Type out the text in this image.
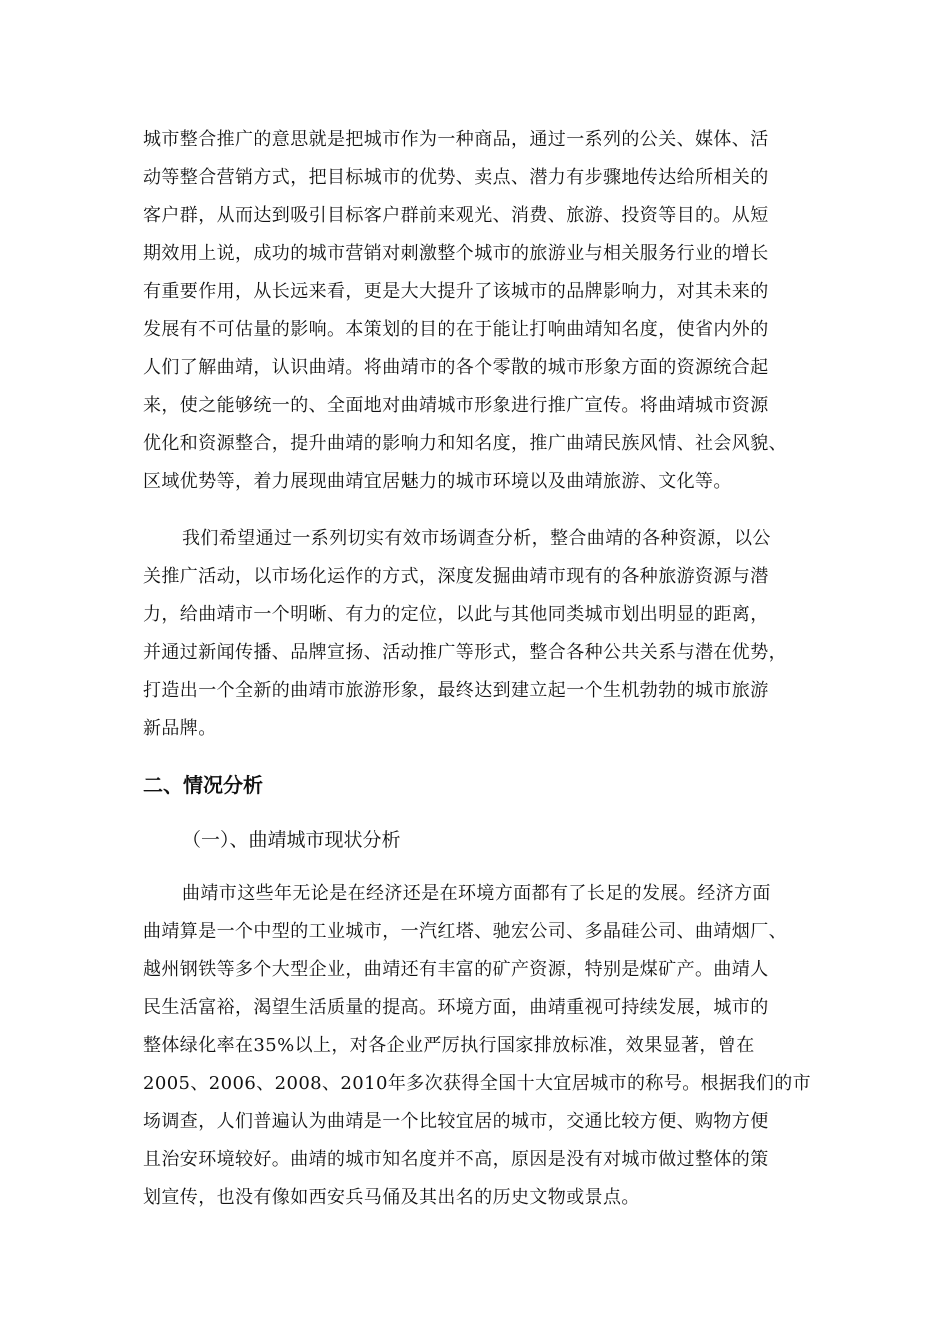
城市整合推广的意思就是把城市作为一种商品，通过一系列的公关、媒体、活
动等整合营销方式，把目标城市的优势、卖点、潜力有步骤地传达给所相关的
客户群，从而达到吸引目标客户群前来观光、消费、旅游、投资等目的。从短
期效用上说，成功的城市营销对刺激整个城市的旅游业与相关服务行业的增长
有重要作用，从长远来看，更是大大提升了该城市的品牌影响力，对其未来的
发展有不可估量的影响。本策划的目的在于能让打响曲靖知名度，使省内外的
人们了解曲靖，认识曲靖。将曲靖市的各个零散的城市形象方面的资源统合起
来，使之能够统一的、全面地对曲靖城市形象进行推广宣传。将曲靖城市资源
优化和资源整合，提升曲靖的影响力和知名度，推广曲靖民族风情、社会风貌、
区域优势等，着力展现曲靖宜居魅力的城市环境以及曲靖旅游、文化等。
我们希望通过一系列切实有效市场调查分析，整合曲靖的各种资源，以公
关推广活动，以市场化运作的方式，深度发掘曲靖市现有的各种旅游资源与潜
力，给曲靖市一个明晰、有力的定位，以此与其他同类城市划出明显的距离，
并通过新闻传播、品牌宣扬、活动推广等形式，整合各种公共关系与潜在优势，
打造出一个全新的曲靖市旅游形象，最终达到建立起一个生机勃勃的城市旅游
新品牌。
二、情况分析
（一）、曲靖城市现状分析
曲靖市这些年无论是在经济还是在环境方面都有了长足的发展。经济方面
曲靖算是一个中型的工业城市，一汽红塔、驰宏公司、多晶硅公司、曲靖烟厂、
越州钢铁等多个大型企业，曲靖还有丰富的矿产资源，特别是煤矿产。曲靖人
民生活富裕，渴望生活质量的提高。环境方面，曲靖重视可持续发展，城市的
整体绿化率在35%以上，对各企业严厉执行国家排放标准，效果显著，曾在
2005、2006、2008、2010年多次获得全国十大宜居城市的称号。根据我们的市
场调查，人们普遍认为曲靖是一个比较宜居的城市，交通比较方便、购物方便
且治安环境较好。曲靖的城市知名度并不高，原因是没有对城市做过整体的策
划宣传，也没有像如西安兵马俑及其出名的历史文物或景点。
